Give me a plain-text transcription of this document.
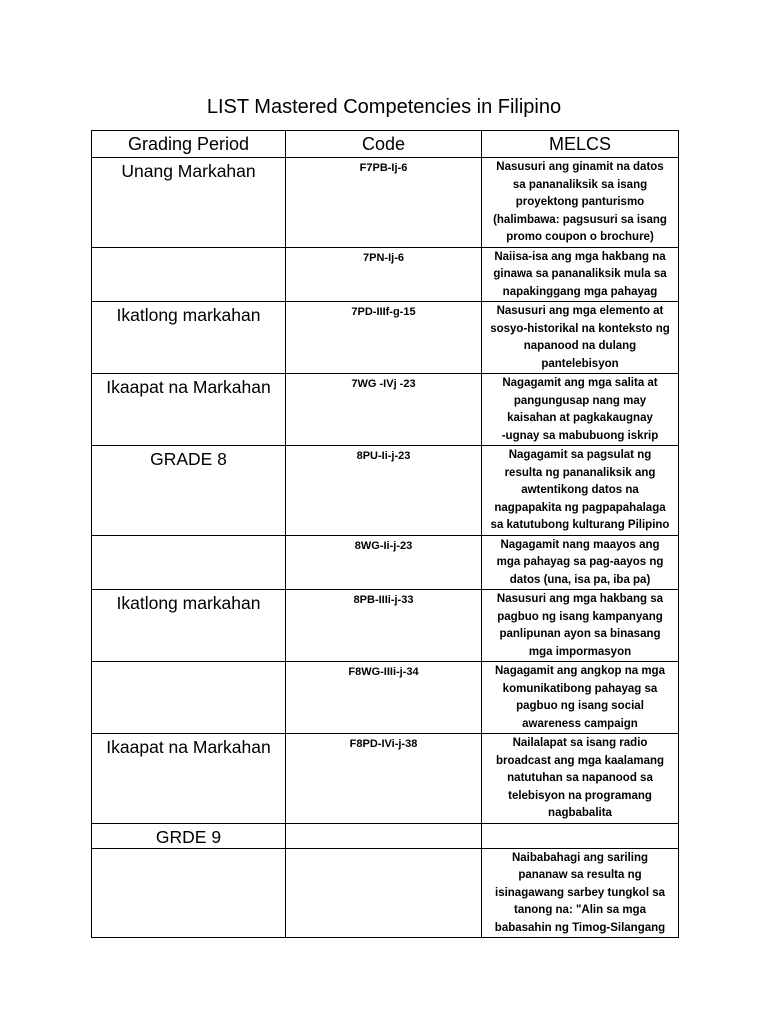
LIST Mastered Competencies in Filipino
Grading Period	Code	MELCS
Unang Markahan	F7PB-Ij-6	Nasusuri ang ginamit na datos
sa pananaliksik sa isang
proyektong panturismo
(halimbawa: pagsusuri sa isang
promo coupon o brochure)

	7PN-Ij-6	Naiisa-isa ang mga hakbang na
ginawa sa pananaliksik mula sa
napakinggang mga pahayag

Ikatlong markahan	7PD-IIIf-g-15	Nasusuri ang mga elemento at
sosyo-historikal na konteksto ng
napanood na dulang
pantelebisyon

Ikaapat na Markahan	7WG -IVj -23	Nagagamit ang mga salita at
pangungusap nang may
kaisahan at pagkakaugnay
-ugnay sa mabubuong iskrip

GRADE 8	8PU-Ii-j-23	Nagagamit sa pagsulat ng
resulta ng pananaliksik ang
awtentikong datos na
nagpapakita ng pagpapahalaga
sa katutubong kulturang Pilipino

	8WG-Ii-j-23	Nagagamit nang maayos ang
mga pahayag sa pag-aayos ng
datos (una, isa pa, iba pa)

Ikatlong markahan	8PB-IIIi-j-33	Nasusuri ang mga hakbang sa
pagbuo ng isang kampanyang
panlipunan ayon sa binasang
mga impormasyon

	F8WG-IIIi-j-34	Nagagamit ang angkop na mga
komunikatibong pahayag sa
pagbuo ng isang social
awareness campaign

Ikaapat na Markahan	F8PD-IVi-j-38	Nailalapat sa isang radio
broadcast ang mga kaalamang
natutuhan sa napanood sa
telebisyon na programang
nagbabalita

GRDE 9		

		Naibabahagi ang sariling
pananaw sa resulta ng
isinagawang sarbey tungkol sa
tanong na: "Alin sa mga
babasahin ng Timog-Silangang
